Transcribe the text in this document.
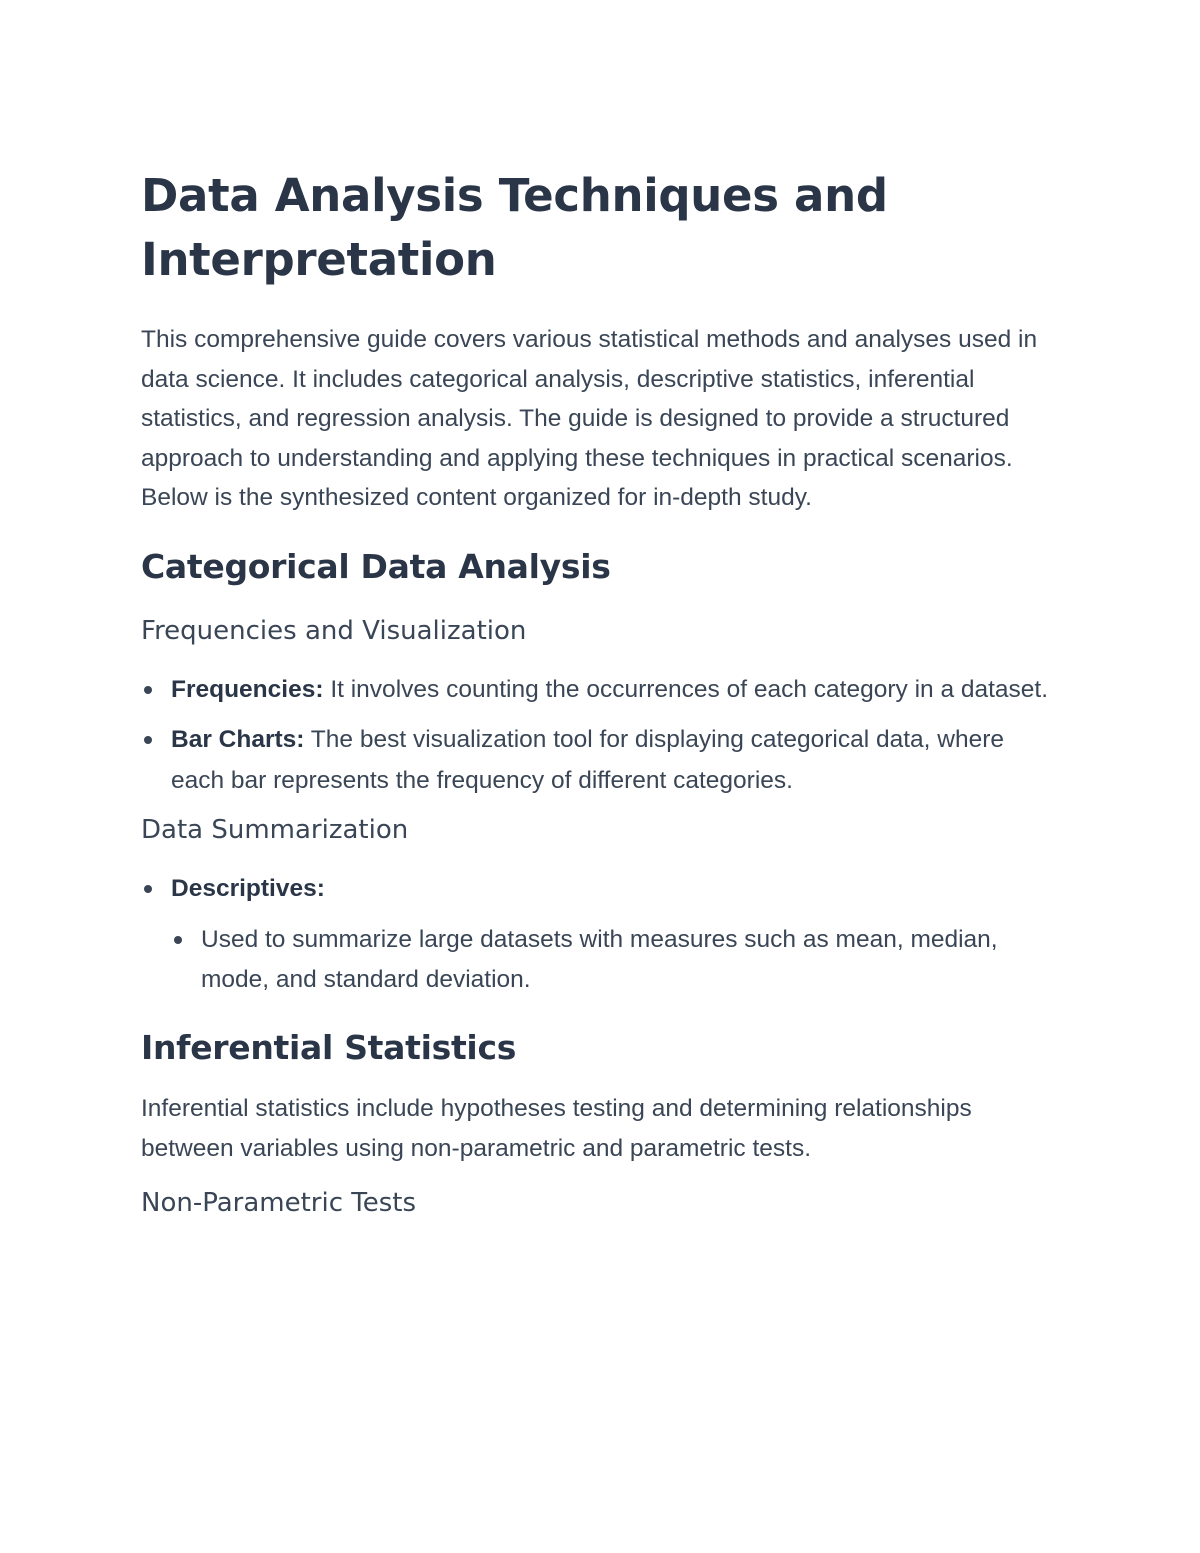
Data Analysis Techniques and Interpretation

This comprehensive guide covers various statistical methods and analyses used in data science. It includes categorical analysis, descriptive statistics, inferential statistics, and regression analysis. The guide is designed to provide a structured approach to understanding and applying these techniques in practical scenarios. Below is the synthesized content organized for in-depth study.

Categorical Data Analysis
Frequencies and Visualization
Frequencies: It involves counting the occurrences of each category in a dataset.
Bar Charts: The best visualization tool for displaying categorical data, where each bar represents the frequency of different categories.
Data Summarization
Descriptives:
Used to summarize large datasets with measures such as mean, median, mode, and standard deviation.
Inferential Statistics

Inferential statistics include hypotheses testing and determining relationships between variables using non-parametric and parametric tests.

Non-Parametric Tests
